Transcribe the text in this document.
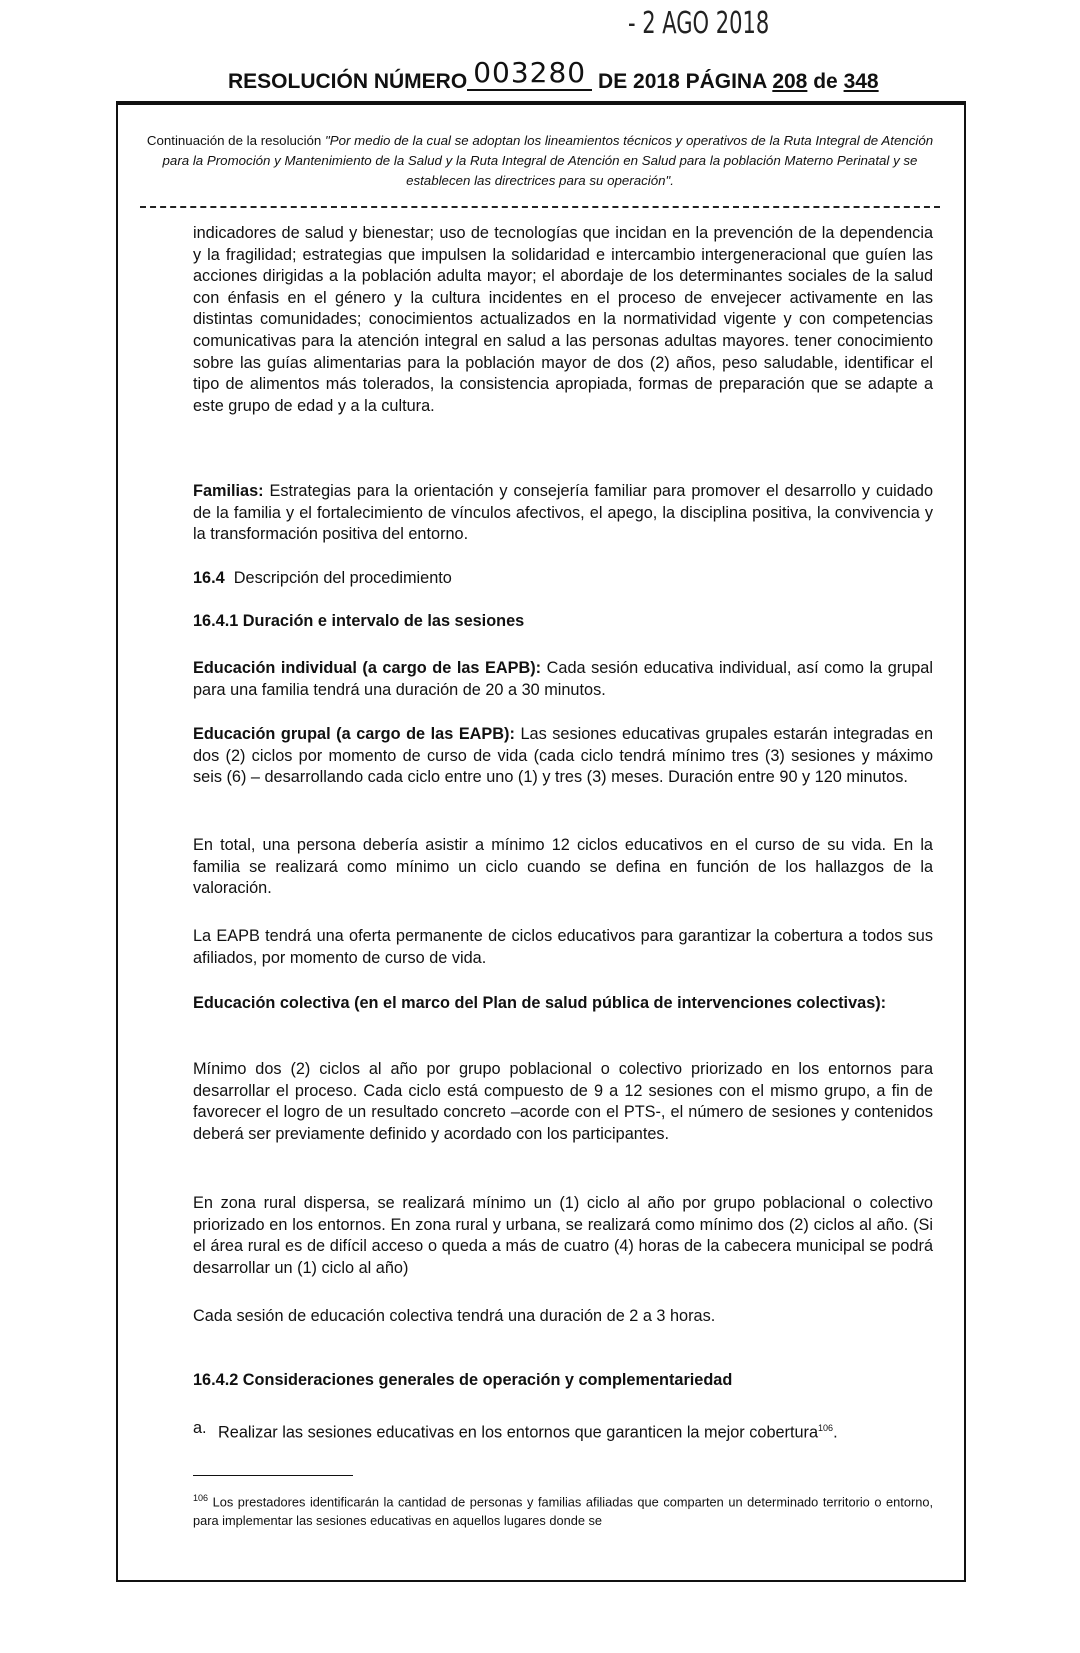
- 2 AGO 2018
RESOLUCIÓN NÚMERO 003280 DE 2018 PÁGINA 208 de 348
Continuación de la resolución "Por medio de la cual se adoptan los lineamientos técnicos y operativos de la Ruta Integral de Atención para la Promoción y Mantenimiento de la Salud y la Ruta Integral de Atención en Salud para la población Materno Perinatal y se establecen las directrices para su operación".
indicadores de salud y bienestar; uso de tecnologías que incidan en la prevención de la dependencia y la fragilidad; estrategias que impulsen la solidaridad e intercambio intergeneracional que guíen las acciones dirigidas a la población adulta mayor; el abordaje de los determinantes sociales de la salud con énfasis en el género y la cultura incidentes en el proceso de envejecer activamente en las distintas comunidades; conocimientos actualizados en la normatividad vigente y con competencias comunicativas para la atención integral en salud a las personas adultas mayores. tener conocimiento sobre las guías alimentarias para la población mayor de dos (2) años, peso saludable, identificar el tipo de alimentos más tolerados, la consistencia apropiada, formas de preparación que se adapte a este grupo de edad y a la cultura.
Familias: Estrategias para la orientación y consejería familiar para promover el desarrollo y cuidado de la familia y el fortalecimiento de vínculos afectivos, el apego, la disciplina positiva, la convivencia y la transformación positiva del entorno.
16.4 Descripción del procedimiento
16.4.1 Duración e intervalo de las sesiones
Educación individual (a cargo de las EAPB): Cada sesión educativa individual, así como la grupal para una familia tendrá una duración de 20 a 30 minutos.
Educación grupal (a cargo de las EAPB): Las sesiones educativas grupales estarán integradas en dos (2) ciclos por momento de curso de vida (cada ciclo tendrá mínimo tres (3) sesiones y máximo seis (6) – desarrollando cada ciclo entre uno (1) y tres (3) meses. Duración entre 90 y 120 minutos.
En total, una persona debería asistir a mínimo 12 ciclos educativos en el curso de su vida. En la familia se realizará como mínimo un ciclo cuando se defina en función de los hallazgos de la valoración.
La EAPB tendrá una oferta permanente de ciclos educativos para garantizar la cobertura a todos sus afiliados, por momento de curso de vida.
Educación colectiva (en el marco del Plan de salud pública de intervenciones colectivas):
Mínimo dos (2) ciclos al año por grupo poblacional o colectivo priorizado en los entornos para desarrollar el proceso. Cada ciclo está compuesto de 9 a 12 sesiones con el mismo grupo, a fin de favorecer el logro de un resultado concreto –acorde con el PTS-, el número de sesiones y contenidos deberá ser previamente definido y acordado con los participantes.
En zona rural dispersa, se realizará mínimo un (1) ciclo al año por grupo poblacional o colectivo priorizado en los entornos. En zona rural y urbana, se realizará como mínimo dos (2) ciclos al año. (Si el área rural es de difícil acceso o queda a más de cuatro (4) horas de la cabecera municipal se podrá desarrollar un (1) ciclo al año)
Cada sesión de educación colectiva tendrá una duración de 2 a 3 horas.
16.4.2 Consideraciones generales de operación y complementariedad
a. Realizar las sesiones educativas en los entornos que garanticen la mejor cobertura$^{106}$.
$^{106}$ Los prestadores identificarán la cantidad de personas y familias afiliadas que comparten un determinado territorio o entorno, para implementar las sesiones educativas en aquellos lugares donde se
